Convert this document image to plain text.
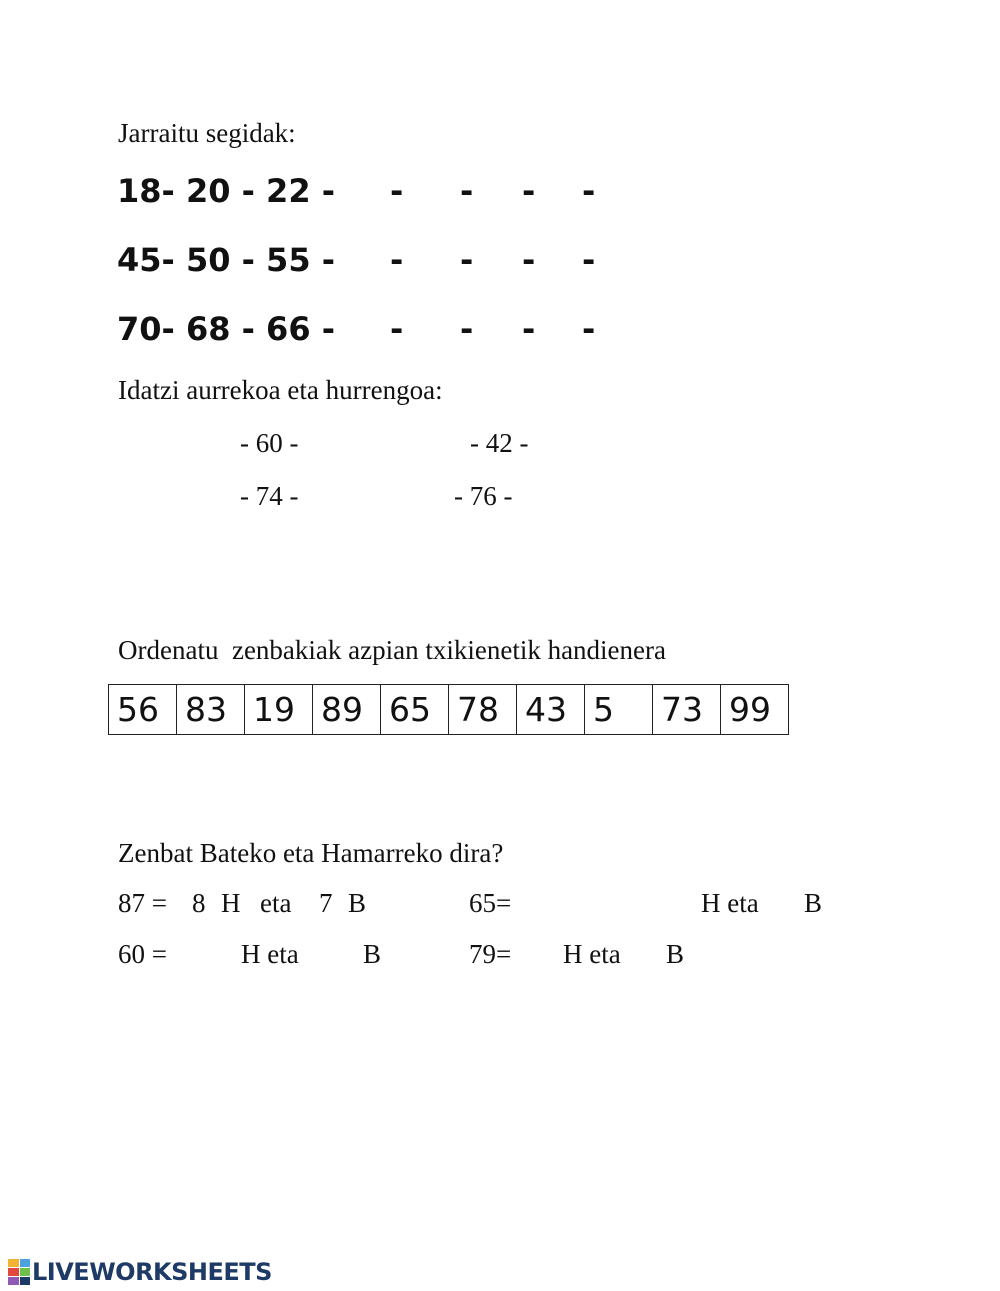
Jarraitu segidak:
18- 20 - 22 - - - - -
45- 50 - 55 - - - - -
70- 68 - 66 - - - - -
Idatzi aurrekoa eta hurrengoa:
- 60 -	- 42 -
- 74 -	- 76 -
Ordenatu  zenbakiak azpian txikienetik handienera
56	83	19	89	65	78	43	5	73	99
Zenbat Bateko eta Hamarreko dira?
87 = 8 H eta 7 B	65=	H eta B
60 =	H eta B	79= H eta B
LIVEWORKSHEETS
